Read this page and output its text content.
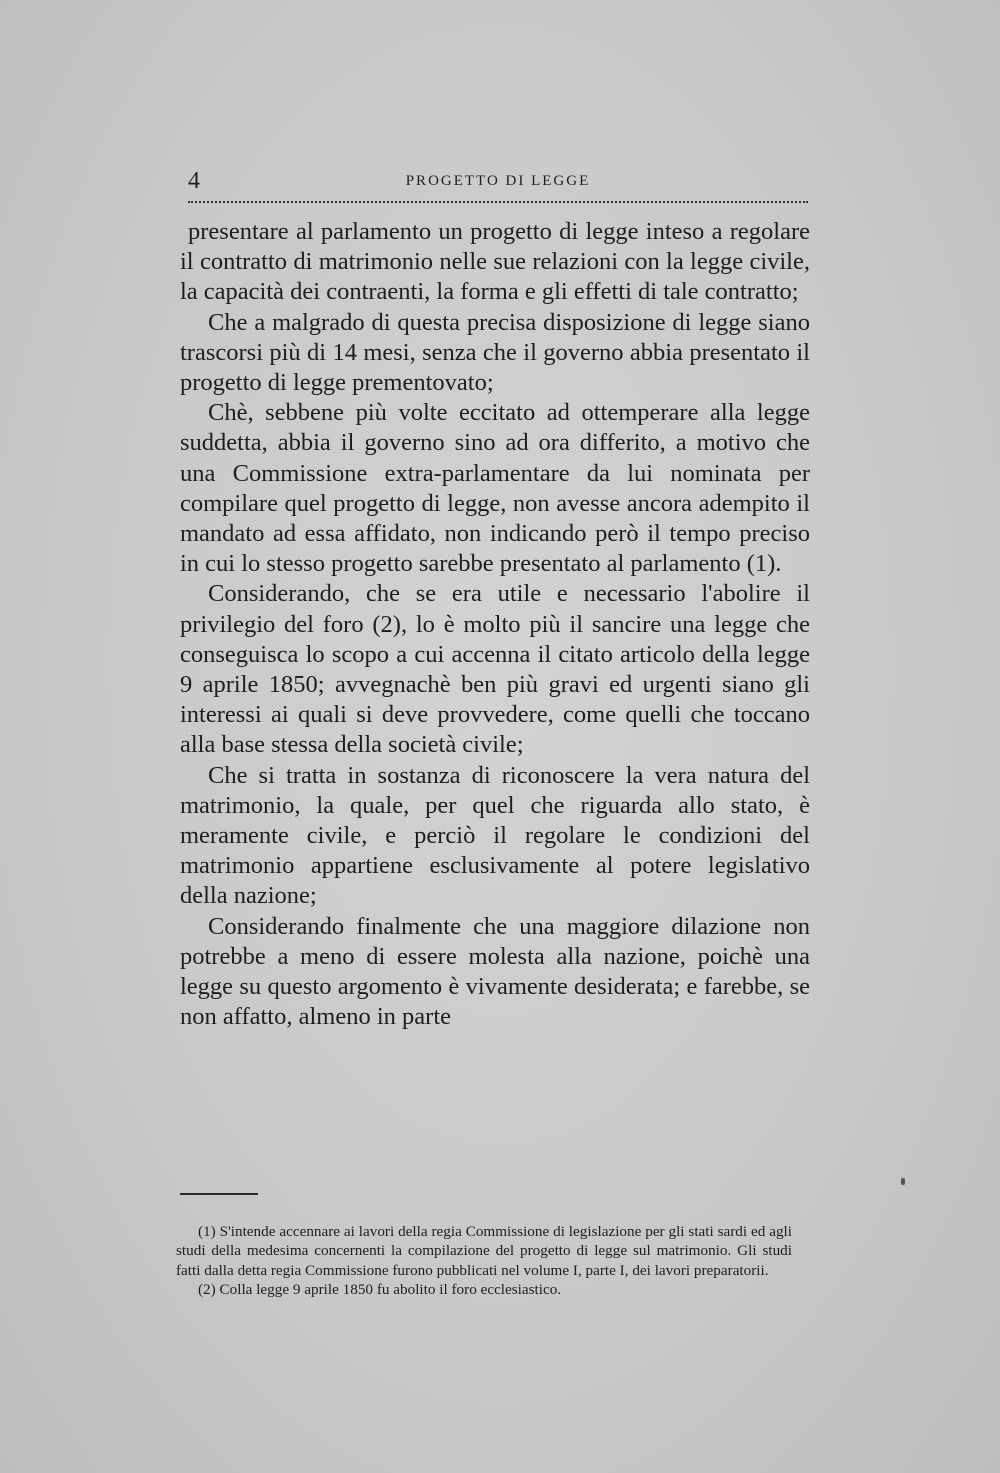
4	PROGETTO DI LEGGE

presentare al parlamento un progetto di legge inteso a regolare il contratto di matrimonio nelle sue relazioni con la legge civile, la capacità dei contraenti, la forma e gli effetti di tale contratto;

Che a malgrado di questa precisa disposizione di legge siano trascorsi più di 14 mesi, senza che il governo abbia presentato il progetto di legge prementovato;

Chè, sebbene più volte eccitato ad ottemperare alla legge suddetta, abbia il governo sino ad ora differito, a motivo che una Commissione extra-parlamentare da lui nominata per compilare quel progetto di legge, non avesse ancora adempito il mandato ad essa affidato, non indicando però il tempo preciso in cui lo stesso progetto sarebbe presentato al parlamento (1).

Considerando, che se era utile e necessario l'abolire il privilegio del foro (2), lo è molto più il sancire una legge che conseguisca lo scopo a cui accenna il citato articolo della legge 9 aprile 1850; avvegnachè ben più gravi ed urgenti siano gli interessi ai quali si deve provvedere, come quelli che toccano alla base stessa della società civile;

Che si tratta in sostanza di riconoscere la vera natura del matrimonio, la quale, per quel che riguarda allo stato, è meramente civile, e perciò il regolare le condizioni del matrimonio appartiene esclusivamente al potere legislativo della nazione;

Considerando finalmente che una maggiore dilazione non potrebbe a meno di essere molesta alla nazione, poichè una legge su questo argomento è vivamente desiderata; e farebbe, se non affatto, almeno in parte

(1) S'intende accennare ai lavori della regia Commissione di legislazione per gli stati sardi ed agli studi della medesima concernenti la compilazione del progetto di legge sul matrimonio. Gli studi fatti dalla detta regia Commissione furono pubblicati nel volume I, parte I, dei lavori preparatorii.

(2) Colla legge 9 aprile 1850 fu abolito il foro ecclesiastico.
